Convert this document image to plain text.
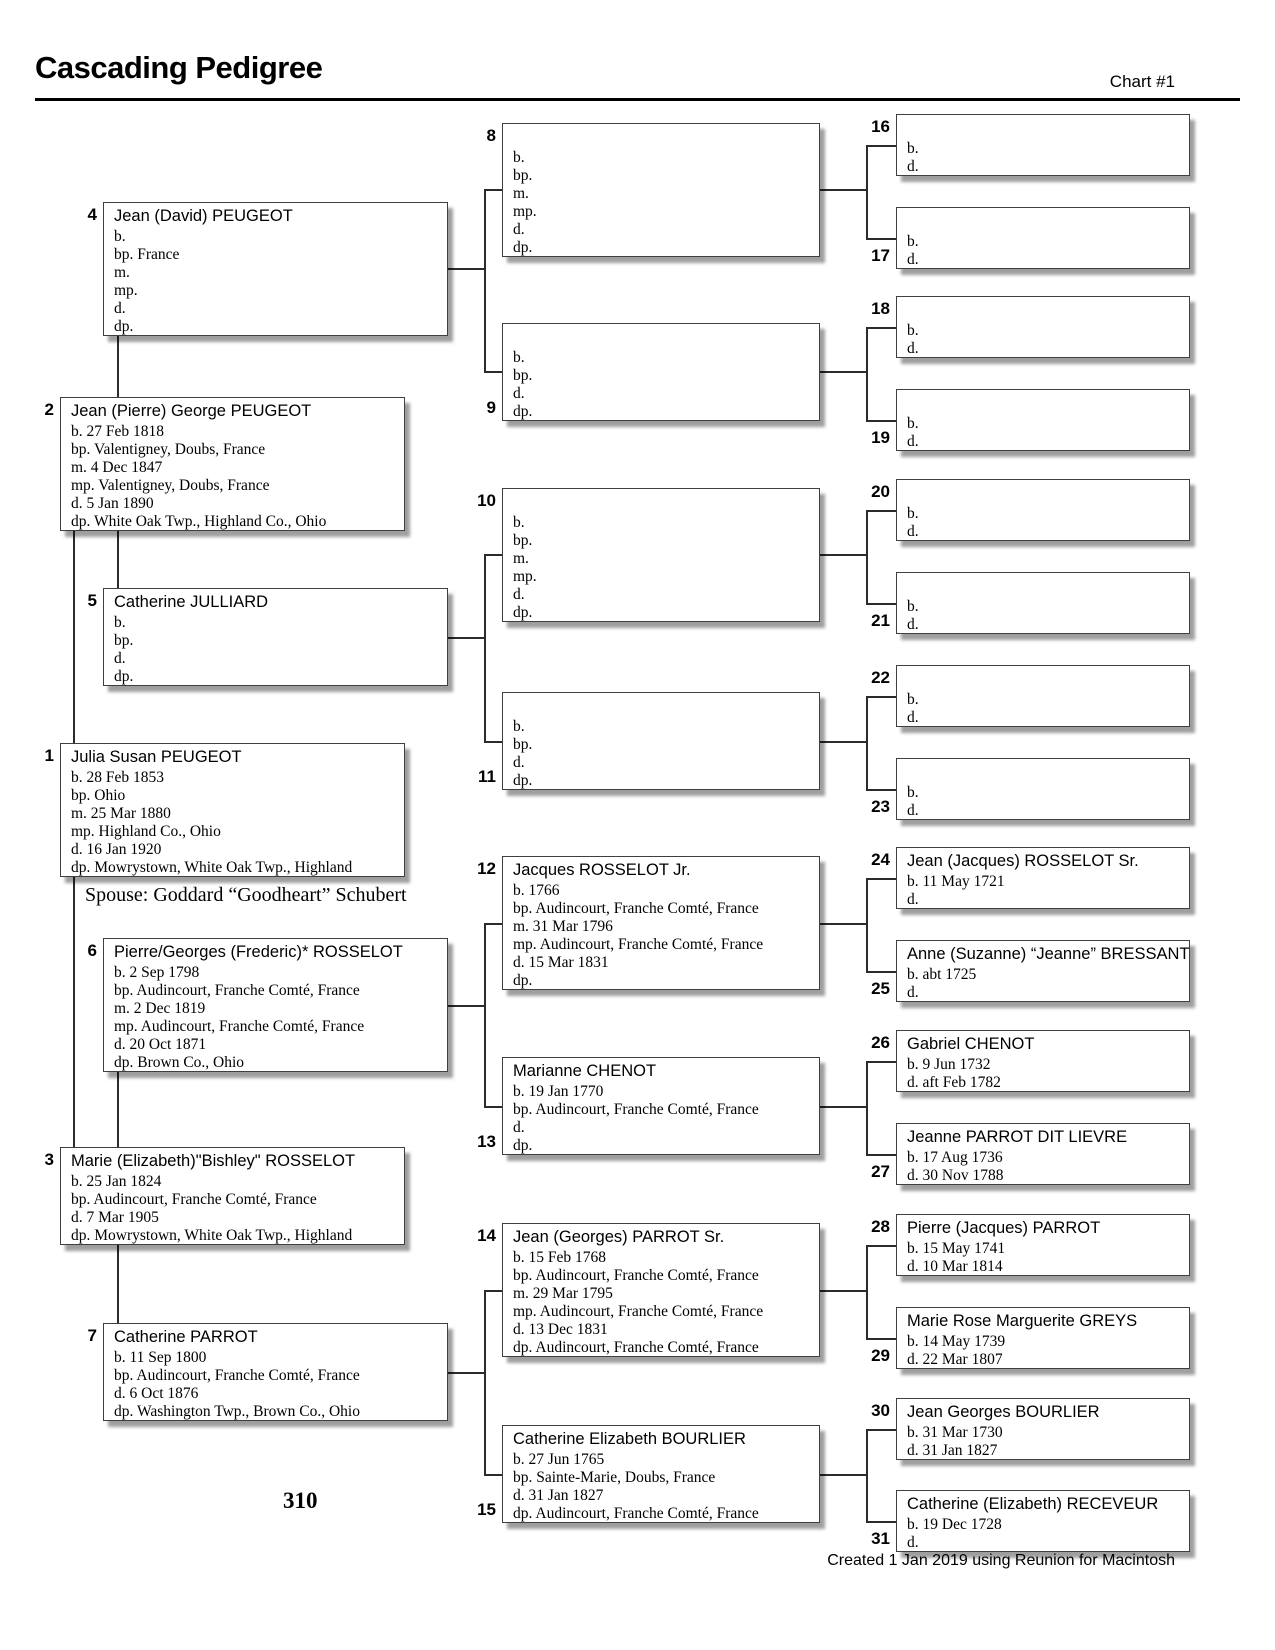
Cascading Pedigree	Chart #1
Spouse: Goddard “Goodheart” Schubert
310
Created 1 Jan 2019 using Reunion for Macintosh
1 Julia Susan PEUGEOT
b. 28 Feb 1853
bp. Ohio
m. 25 Mar 1880
mp. Highland Co., Ohio
d. 16 Jan 1920
dp. Mowrystown, White Oak Twp., Highland
2 Jean (Pierre) George PEUGEOT
b. 27 Feb 1818
bp. Valentigney, Doubs, France
m. 4 Dec 1847
mp. Valentigney, Doubs, France
d. 5 Jan 1890
dp. White Oak Twp., Highland Co., Ohio
3 Marie (Elizabeth)"Bishley" ROSSELOT
b. 25 Jan 1824
bp. Audincourt, Franche Comté, France
d. 7 Mar 1905
dp. Mowrystown, White Oak Twp., Highland
4 Jean (David) PEUGEOT
b.
bp. France
m.
mp.
d.
dp.
5 Catherine JULLIARD
b.
bp.
d.
dp.
6 Pierre/Georges (Frederic)* ROSSELOT
b. 2 Sep 1798
bp. Audincourt, Franche Comté, France
m. 2 Dec 1819
mp. Audincourt, Franche Comté, France
d. 20 Oct 1871
dp. Brown Co., Ohio
7 Catherine PARROT
b. 11 Sep 1800
bp. Audincourt, Franche Comté, France
d. 6 Oct 1876
dp. Washington Twp., Brown Co., Ohio
8
b.
bp.
m.
mp.
d.
dp.
9
b.
bp.
d.
dp.
10
b.
bp.
m.
mp.
d.
dp.
11
b.
bp.
d.
dp.
12 Jacques ROSSELOT Jr.
b. 1766
bp. Audincourt, Franche Comté, France
m. 31 Mar 1796
mp. Audincourt, Franche Comté, France
d. 15 Mar 1831
dp.
13
Marianne CHENOT
b. 19 Jan 1770
bp. Audincourt, Franche Comté, France
d.
dp.
14 Jean (Georges) PARROT Sr.
b. 15 Feb 1768
bp. Audincourt, Franche Comté, France
m. 29 Mar 1795
mp. Audincourt, Franche Comté, France
d. 13 Dec 1831
dp. Audincourt, Franche Comté, France
15
Catherine Elizabeth BOURLIER
b. 27 Jun 1765
bp. Sainte-Marie, Doubs, France
d. 31 Jan 1827
dp. Audincourt, Franche Comté, France
16
b.
d.
17
b.
d.
18
b.
d.
19
b.
d.
20
b.
d.
21
b.
d.
22
b.
d.
23
b.
d.
24 Jean (Jacques) ROSSELOT Sr.
b. 11 May 1721
d.
25
Anne (Suzanne) “Jeanne” BRESSANT
b. abt 1725
d.
26 Gabriel CHENOT
b. 9 Jun 1732
d. aft Feb 1782
27
Jeanne PARROT DIT LIEVRE
b. 17 Aug 1736
d. 30 Nov 1788
28 Pierre (Jacques) PARROT
b. 15 May 1741
d. 10 Mar 1814
29
Marie Rose Marguerite GREYS
b. 14 May 1739
d. 22 Mar 1807
30 Jean Georges BOURLIER
b. 31 Mar 1730
d. 31 Jan 1827
31
Catherine (Elizabeth) RECEVEUR
b. 19 Dec 1728
d.
